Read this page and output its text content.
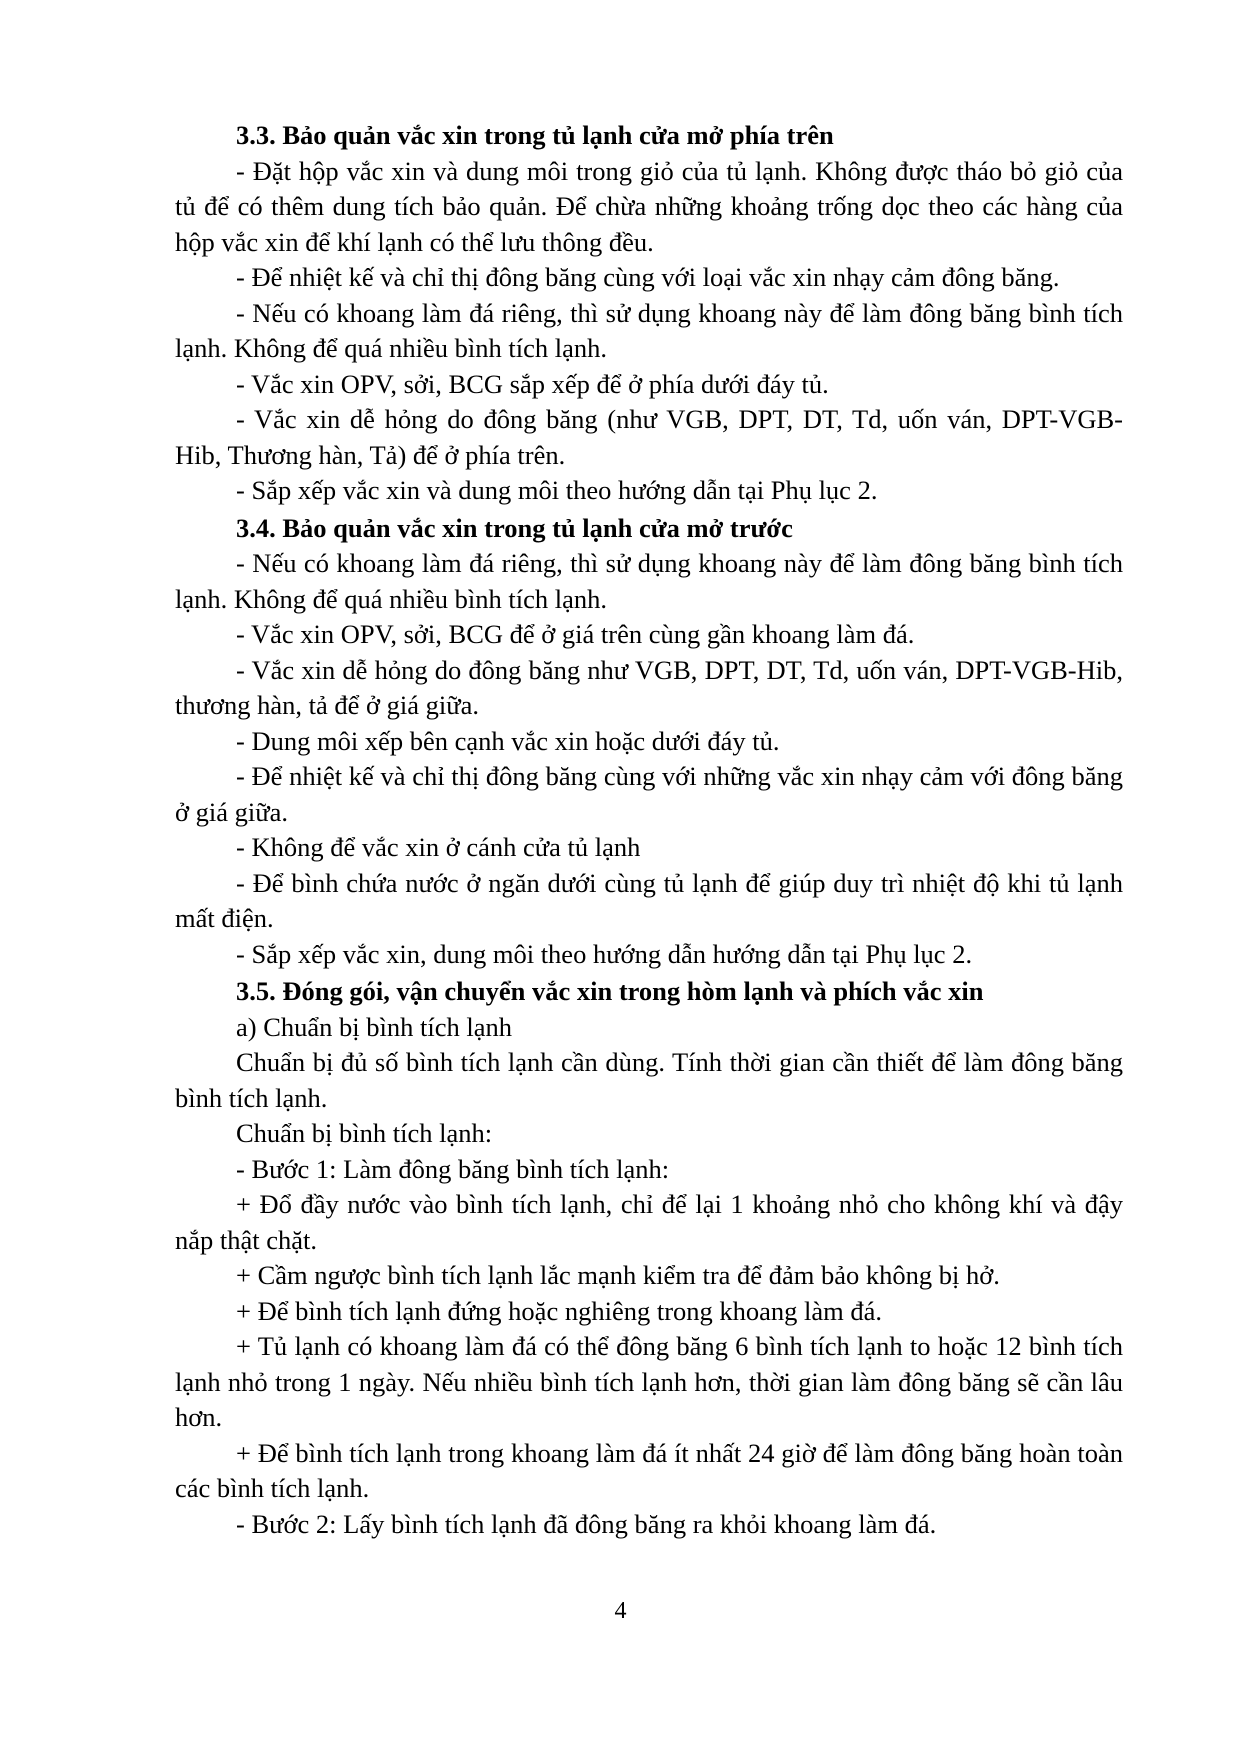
3.3. Bảo quản vắc xin trong tủ lạnh cửa mở phía trên

- Đặt hộp vắc xin và dung môi trong giỏ của tủ lạnh. Không được tháo bỏ giỏ của tủ để có thêm dung tích bảo quản. Để chừa những khoảng trống dọc theo các hàng của hộp vắc xin để khí lạnh có thể lưu thông đều.

- Để nhiệt kế và chỉ thị đông băng cùng với loại vắc xin nhạy cảm đông băng.

- Nếu có khoang làm đá riêng, thì sử dụng khoang này để làm đông băng bình tích lạnh. Không để quá nhiều bình tích lạnh.

- Vắc xin OPV, sởi, BCG sắp xếp để ở phía dưới đáy tủ.

- Vắc xin dễ hỏng do đông băng (như VGB, DPT, DT, Td, uốn ván, DPT-VGB-Hib, Thương hàn, Tả) để ở phía trên.

- Sắp xếp vắc xin và dung môi theo hướng dẫn tại Phụ lục 2.

3.4. Bảo quản vắc xin trong tủ lạnh cửa mở trước

- Nếu có khoang làm đá riêng, thì sử dụng khoang này để làm đông băng bình tích lạnh. Không để quá nhiều bình tích lạnh.

- Vắc xin OPV, sởi, BCG để ở giá trên cùng gần khoang làm đá.

- Vắc xin dễ hỏng do đông băng như VGB, DPT, DT, Td, uốn ván, DPT-VGB-Hib, thương hàn, tả để ở giá giữa.

- Dung môi xếp bên cạnh vắc xin hoặc dưới đáy tủ.

- Để nhiệt kế và chỉ thị đông băng cùng với những vắc xin nhạy cảm với đông băng ở giá giữa.

- Không để vắc xin ở cánh cửa tủ lạnh

- Để bình chứa nước ở ngăn dưới cùng tủ lạnh để giúp duy trì nhiệt độ khi tủ lạnh mất điện.

- Sắp xếp vắc xin, dung môi theo hướng dẫn hướng dẫn tại Phụ lục 2.

3.5. Đóng gói, vận chuyển vắc xin trong hòm lạnh và phích vắc xin

a) Chuẩn bị bình tích lạnh

Chuẩn bị đủ số bình tích lạnh cần dùng. Tính thời gian cần thiết để làm đông băng bình tích lạnh.

Chuẩn bị bình tích lạnh:

- Bước 1: Làm đông băng bình tích lạnh:

+ Đổ đầy nước vào bình tích lạnh, chỉ để lại 1 khoảng nhỏ cho không khí và đậy nắp thật chặt.

+ Cầm ngược bình tích lạnh lắc mạnh kiểm tra để đảm bảo không bị hở.

+ Để bình tích lạnh đứng hoặc nghiêng trong khoang làm đá.

+ Tủ lạnh có khoang làm đá có thể đông băng 6 bình tích lạnh to hoặc 12 bình tích lạnh nhỏ trong 1 ngày. Nếu nhiều bình tích lạnh hơn, thời gian làm đông băng sẽ cần lâu hơn.

+ Để bình tích lạnh trong khoang làm đá ít nhất 24 giờ để làm đông băng hoàn toàn các bình tích lạnh.

- Bước 2: Lấy bình tích lạnh đã đông băng ra khỏi khoang làm đá.

4
